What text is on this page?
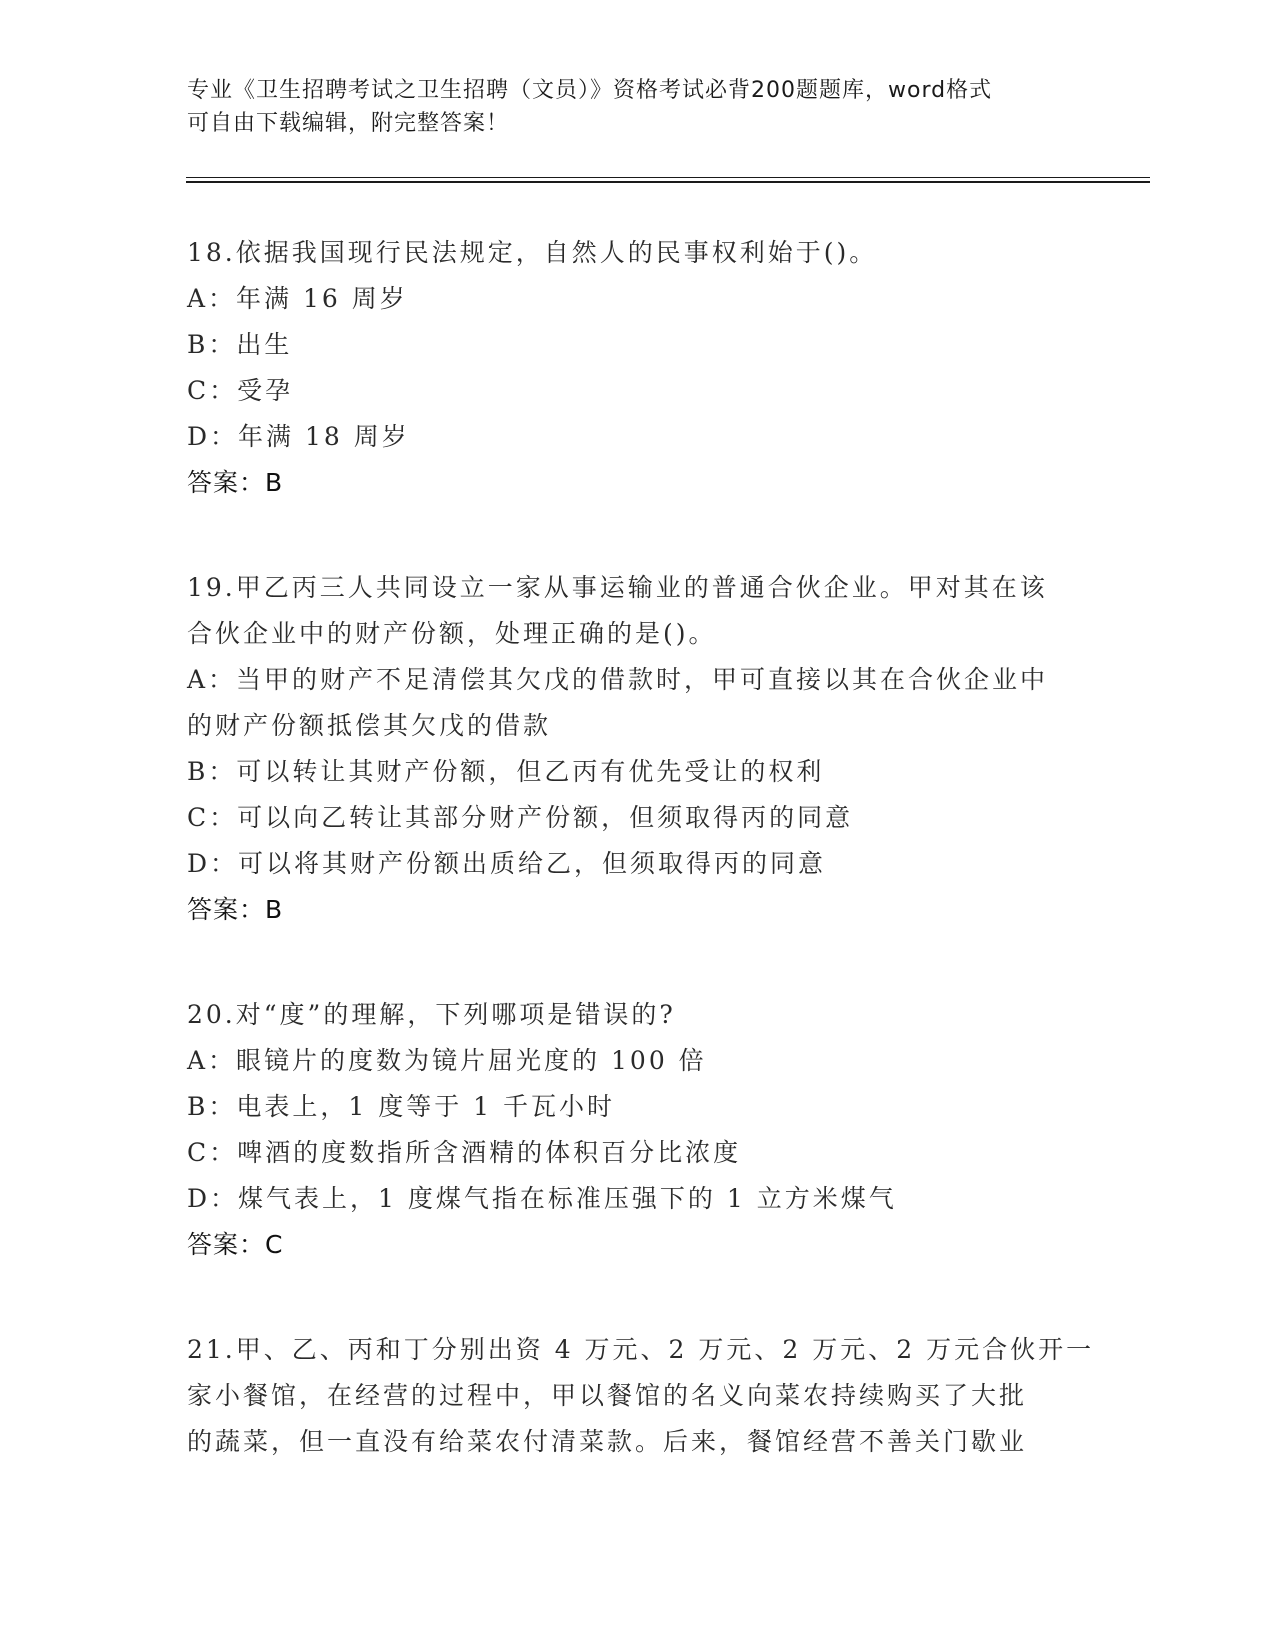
专业《卫生招聘考试之卫生招聘（文员）》资格考试必背200题题库，word格式
可自由下载编辑，附完整答案！
18.依据我国现行民法规定，自然人的民事权利始于()。
A：年满 16 周岁
B：出生
C：受孕
D：年满 18 周岁
答案：B
19.甲乙丙三人共同设立一家从事运输业的普通合伙企业。甲对其在该
合伙企业中的财产份额，处理正确的是()。
A：当甲的财产不足清偿其欠戊的借款时，甲可直接以其在合伙企业中
的财产份额抵偿其欠戊的借款
B：可以转让其财产份额，但乙丙有优先受让的权利
C：可以向乙转让其部分财产份额，但须取得丙的同意
D：可以将其财产份额出质给乙，但须取得丙的同意
答案：B
20.对“度”的理解，下列哪项是错误的?
A：眼镜片的度数为镜片屈光度的 100 倍
B：电表上，1 度等于 1 千瓦小时
C：啤酒的度数指所含酒精的体积百分比浓度
D：煤气表上，1 度煤气指在标准压强下的 1 立方米煤气
答案：C
21.甲、乙、丙和丁分别出资 4 万元、2 万元、2 万元、2 万元合伙开一
家小餐馆，在经营的过程中，甲以餐馆的名义向菜农持续购买了大批
的蔬菜，但一直没有给菜农付清菜款。后来，餐馆经营不善关门歇业
